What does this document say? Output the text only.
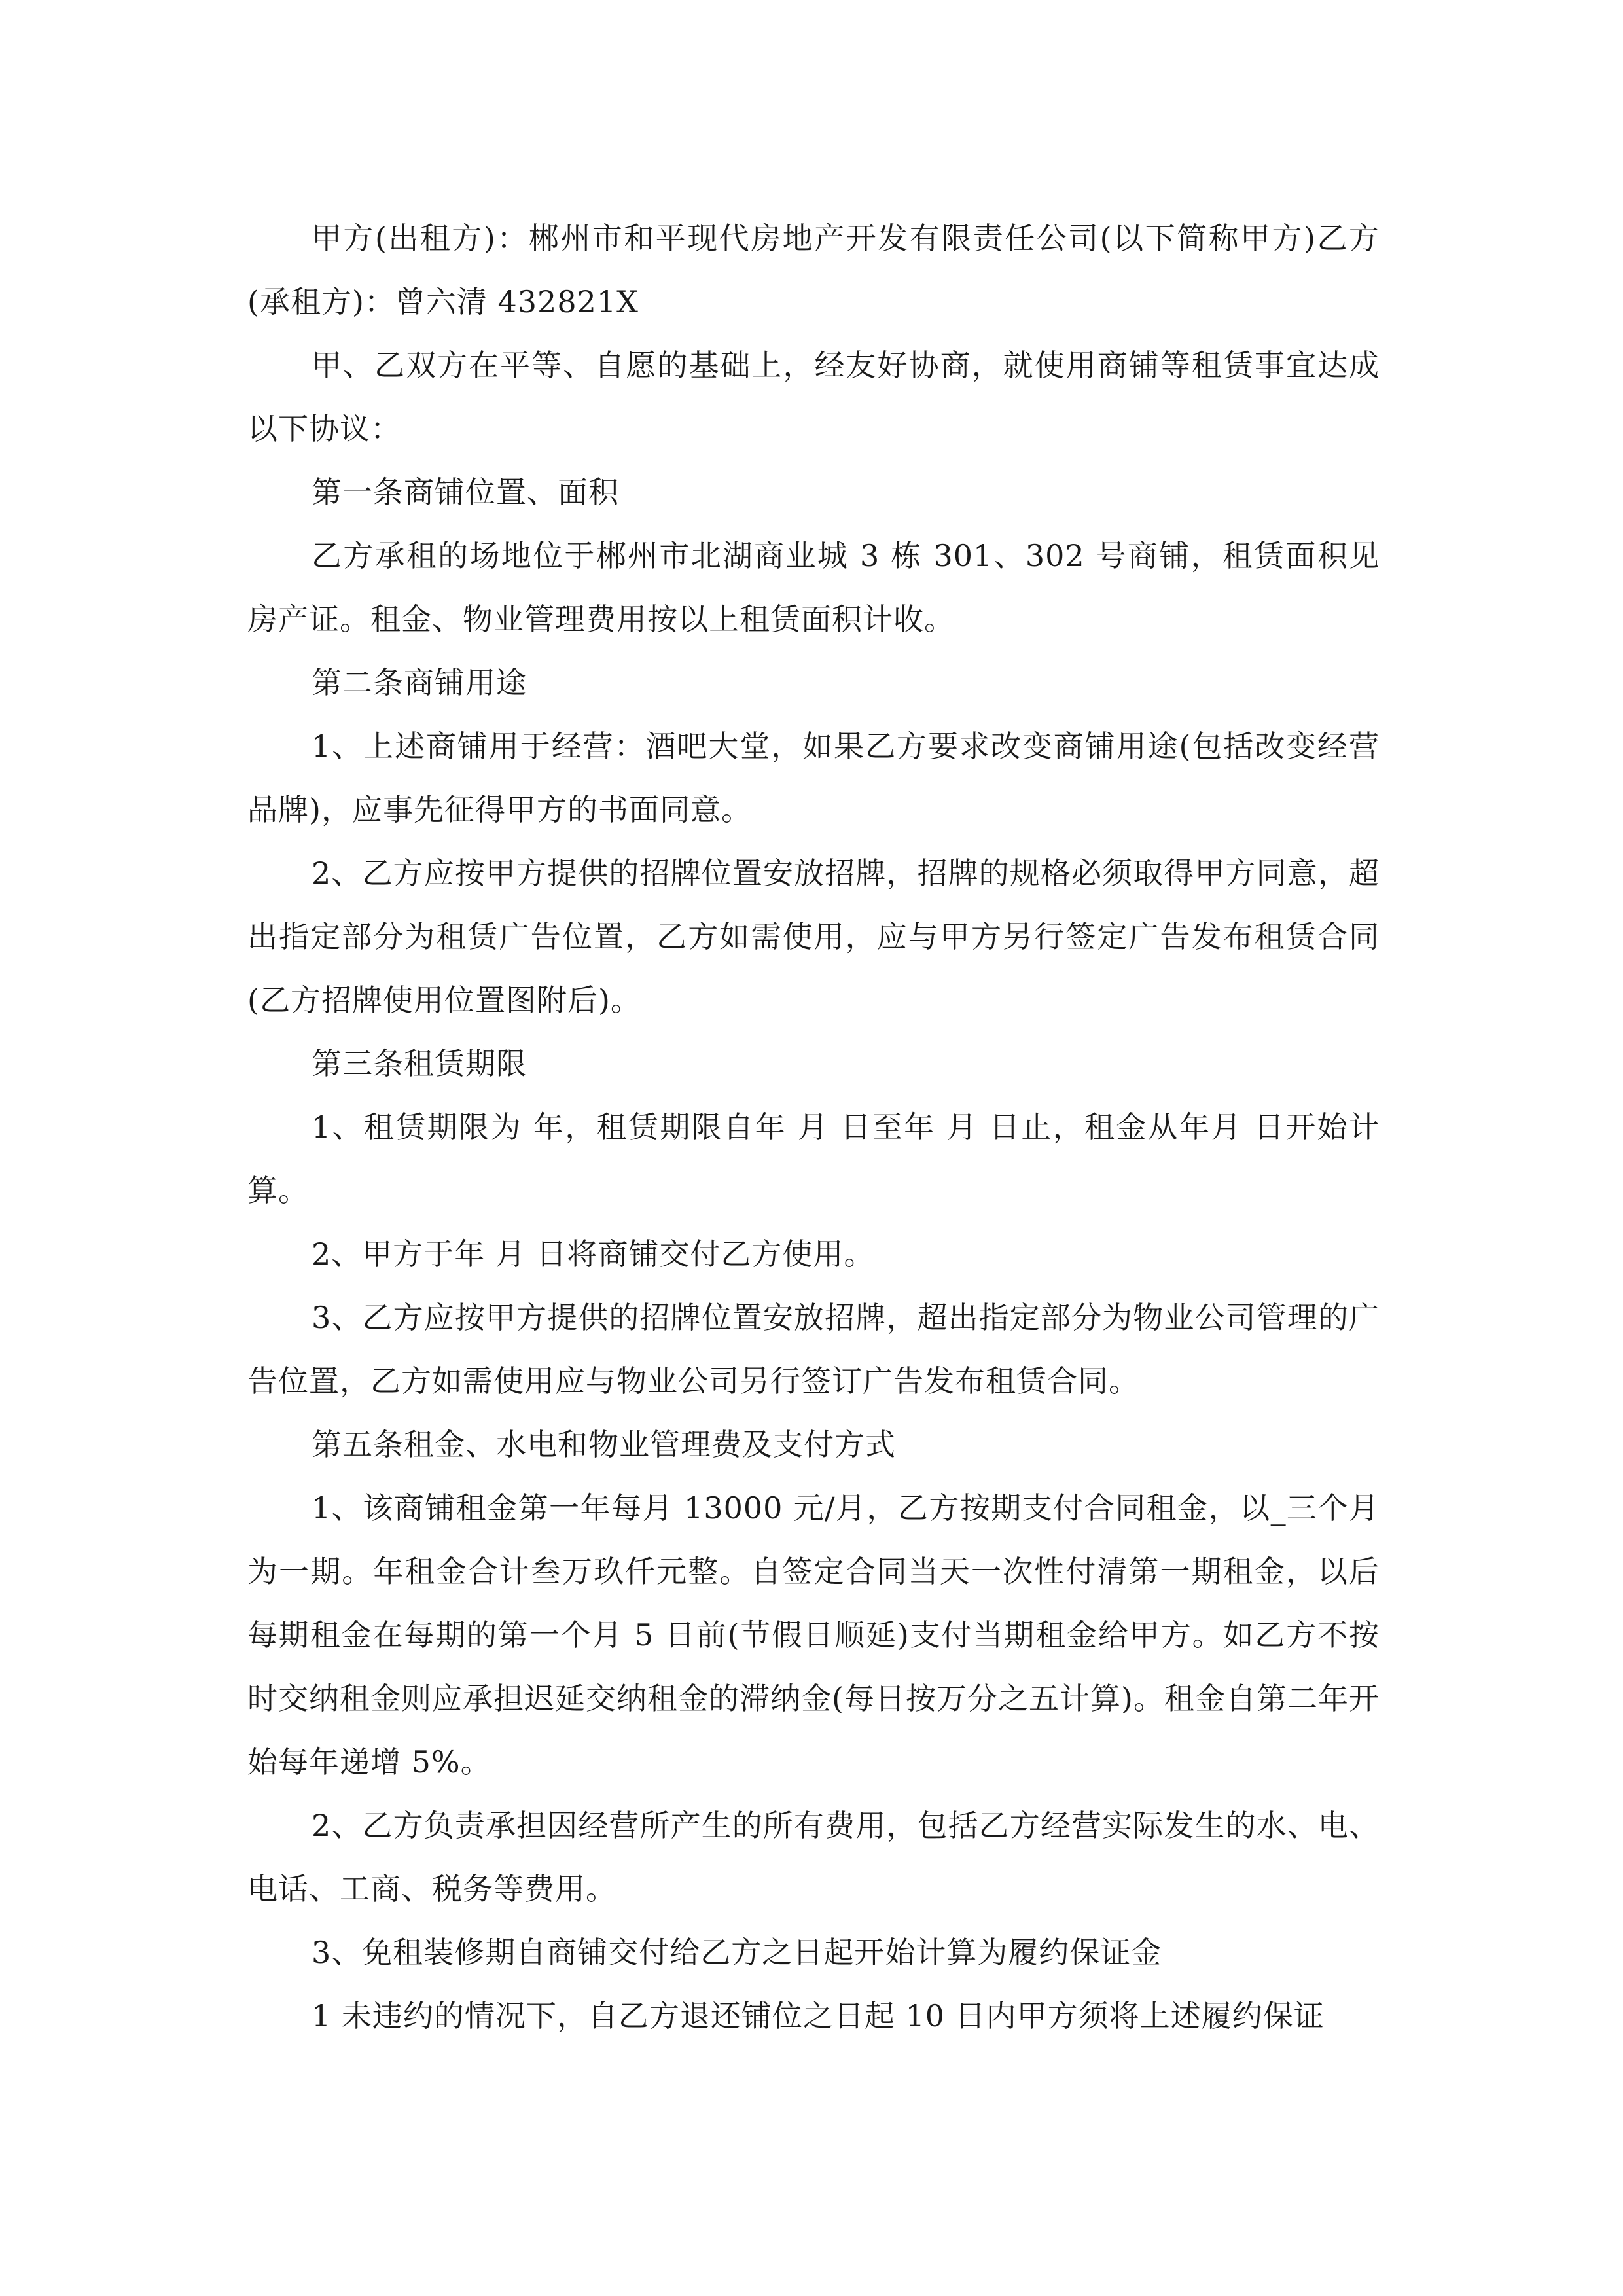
甲方(出租方)：郴州市和平现代房地产开发有限责任公司(以下简称甲方)乙方(承租方)：曾六清 432821X

甲、乙双方在平等、自愿的基础上，经友好协商，就使用商铺等租赁事宜达成以下协议：

第一条商铺位置、面积

乙方承租的场地位于郴州市北湖商业城 3 栋 301、302 号商铺，租赁面积见房产证。租金、物业管理费用按以上租赁面积计收。

第二条商铺用途

1、上述商铺用于经营：酒吧大堂，如果乙方要求改变商铺用途(包括改变经营品牌)，应事先征得甲方的书面同意。

2、乙方应按甲方提供的招牌位置安放招牌，招牌的规格必须取得甲方同意，超出指定部分为租赁广告位置，乙方如需使用，应与甲方另行签定广告发布租赁合同(乙方招牌使用位置图附后)。

第三条租赁期限

1、租赁期限为 年，租赁期限自年 月 日至年 月 日止，租金从年月 日开始计算。

2、甲方于年 月 日将商铺交付乙方使用。

3、乙方应按甲方提供的招牌位置安放招牌，超出指定部分为物业公司管理的广告位置，乙方如需使用应与物业公司另行签订广告发布租赁合同。

第五条租金、水电和物业管理费及支付方式

1、该商铺租金第一年每月 13000 元/月，乙方按期支付合同租金，以_三个月为一期。年租金合计叁万玖仟元整。自签定合同当天一次性付清第一期租金，以后每期租金在每期的第一个月 5 日前(节假日顺延)支付当期租金给甲方。如乙方不按时交纳租金则应承担迟延交纳租金的滞纳金(每日按万分之五计算)。租金自第二年开始每年递增 5%。

2、乙方负责承担因经营所产生的所有费用，包括乙方经营实际发生的水、电、电话、工商、税务等费用。

3、免租装修期自商铺交付给乙方之日起开始计算为履约保证金

1 未违约的情况下，自乙方退还铺位之日起 10 日内甲方须将上述履约保证
